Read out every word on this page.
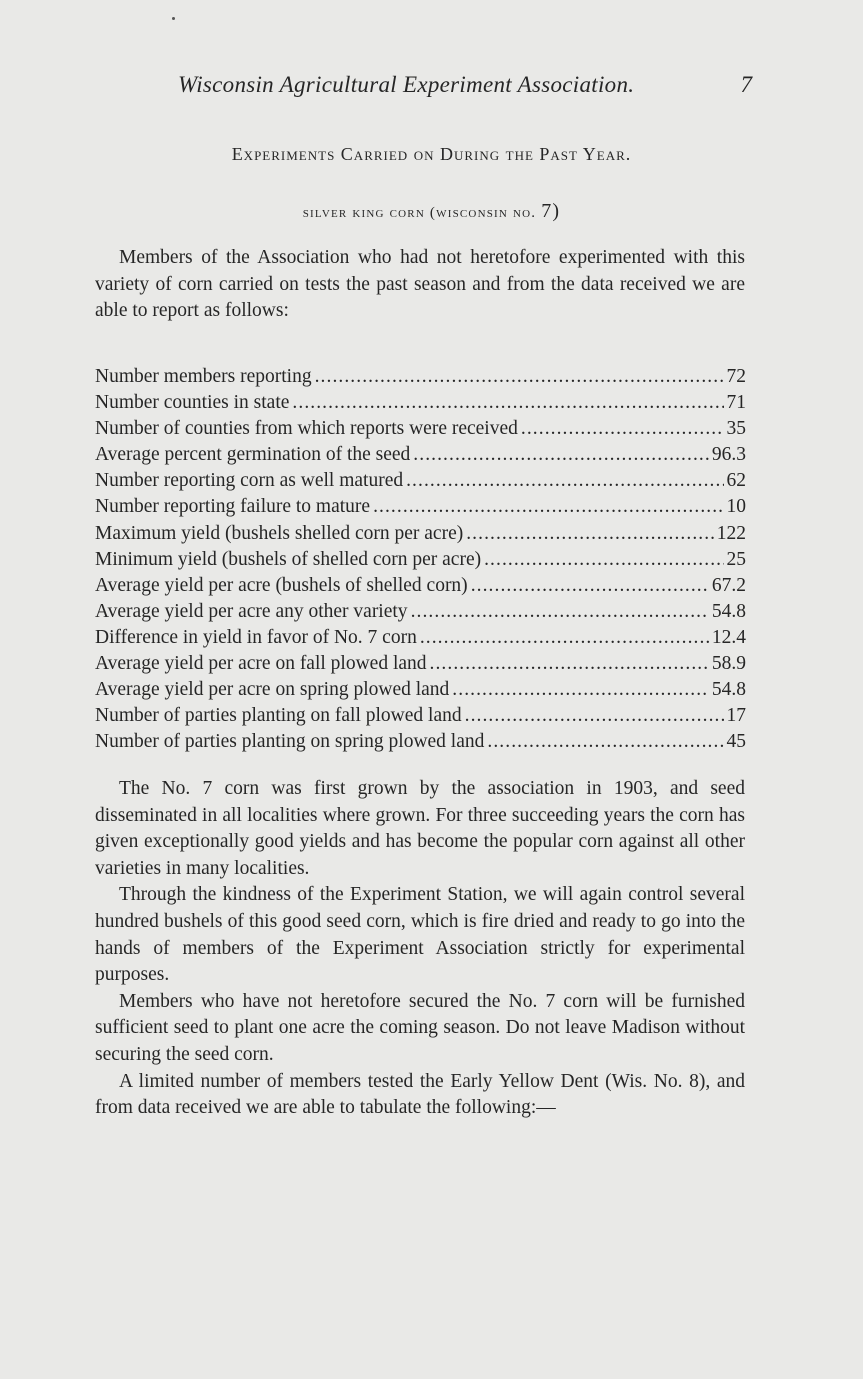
Wisconsin Agricultural Experiment Association.	7
Experiments Carried on During the Past Year.
silver king corn (wisconsin no. 7)

Members of the Association who had not heretofore experimented with this variety of corn carried on tests the past season and from the data received we are able to report as follows:

Number members reporting . . .	72
Number counties in state . . .	71
Number of counties from which reports were received . . .	35
Average percent germination of the seed . . .	96.3
Number reporting corn as well matured . . .	62
Number reporting failure to mature . . .	10
Maximum yield (bushels shelled corn per acre) . . .	122
Minimum yield (bushels of shelled corn per acre) . . .	25
Average yield per acre (bushels of shelled corn) . . .	67.2
Average yield per acre any other variety . . .	54.8
Difference in yield in favor of No. 7 corn . . .	12.4
Average yield per acre on fall plowed land . . .	58.9
Average yield per acre on spring plowed land . . .	54.8
Number of parties planting on fall plowed land . . .	17
Number of parties planting on spring plowed land . . .	45

The No. 7 corn was first grown by the association in 1903, and seed disseminated in all localities where grown. For three succeeding years the corn has given exceptionally good yields and has become the popular corn against all other varieties in many localities.

Through the kindness of the Experiment Station, we will again control several hundred bushels of this good seed corn, which is fire dried and ready to go into the hands of members of the Experiment Association strictly for experimental purposes.

Members who have not heretofore secured the No. 7 corn will be furnished sufficient seed to plant one acre the coming season. Do not leave Madison without securing the seed corn.

A limited number of members tested the Early Yellow Dent (Wis. No. 8), and from data received we are able to tabulate the following:—
